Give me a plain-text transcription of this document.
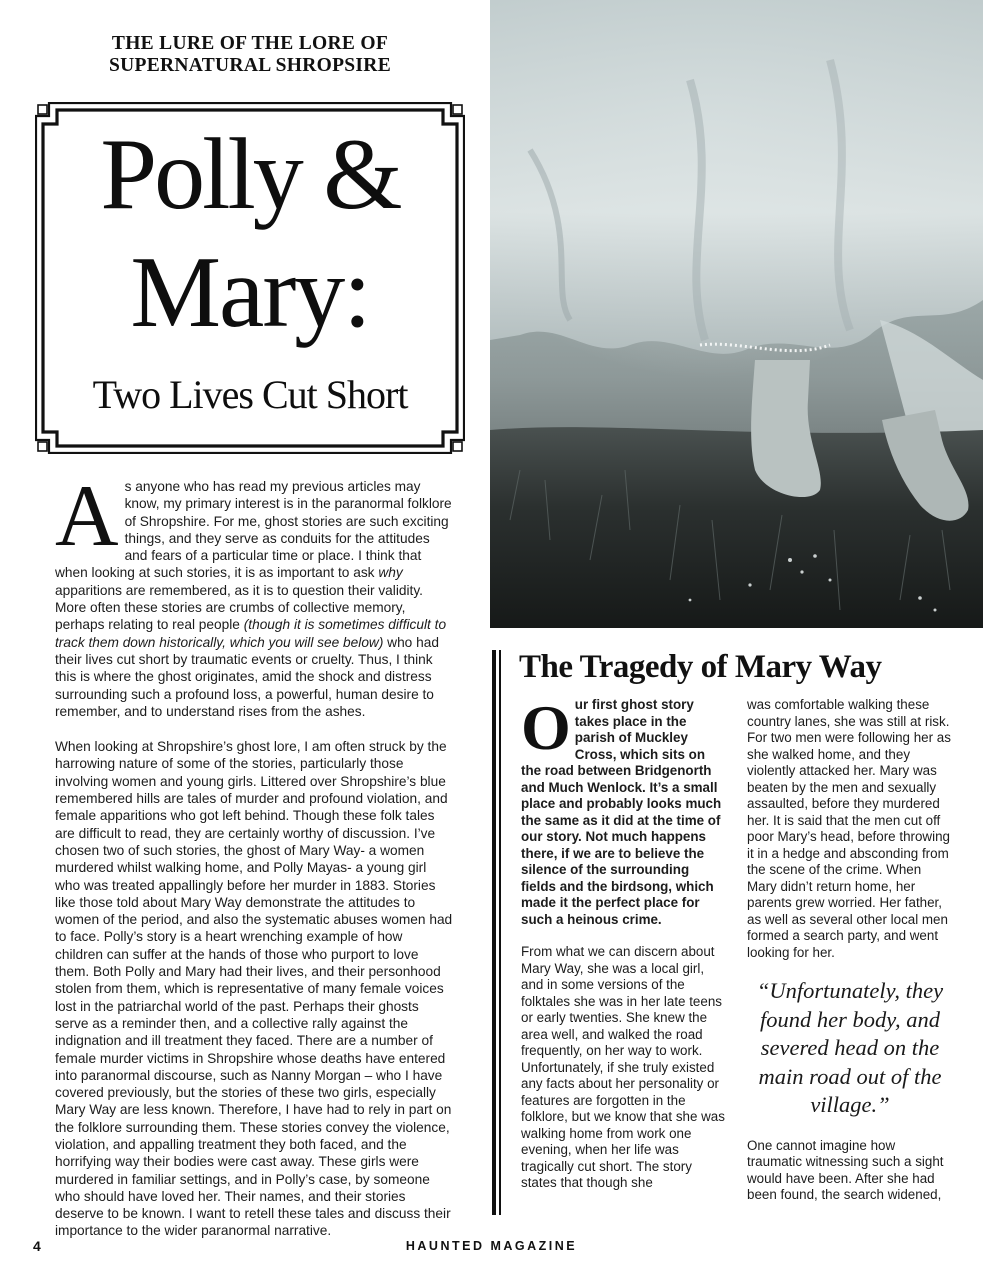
THE LURE OF THE LORE OF
SUPERNATURAL SHROPSIRE
Polly &
Mary:
Two Lives Cut Short

As anyone who has read my previous articles may know, my primary interest is in the paranormal folklore of Shropshire. For me, ghost stories are such exciting things, and they serve as conduits for the attitudes and fears of a particular time or place. I think that when looking at such stories, it is as important to ask why apparitions are remembered, as it is to question their validity. More often these stories are crumbs of collective memory, perhaps relating to real people (though it is sometimes difficult to track them down historically, which you will see below) who had their lives cut short by traumatic events or cruelty. Thus, I think this is where the ghost originates, amid the shock and distress surrounding such a profound loss, a powerful, human desire to remember, and to understand rises from the ashes.

When looking at Shropshire’s ghost lore, I am often struck by the harrowing nature of some of the stories, particularly those involving women and young girls. Littered over Shropshire’s blue remembered hills are tales of murder and profound violation, and female apparitions who got left behind. Though these folk tales are difficult to read, they are certainly worthy of discussion. I’ve chosen two of such stories, the ghost of Mary Way- a women murdered whilst walking home, and Polly Mayas- a young girl who was treated appallingly before her murder in 1883. Stories like those told about Mary Way demonstrate the attitudes to women of the period, and also the systematic abuses women had to face. Polly’s story is a heart wrenching example of how children can suffer at the hands of those who purport to love them. Both Polly and Mary had their lives, and their personhood stolen from them, which is representative of many female voices lost in the patriarchal world of the past. Perhaps their ghosts serve as a reminder then, and a collective rally against the indignation and ill treatment they faced. There are a number of female murder victims in Shropshire whose deaths have entered into paranormal discourse, such as Nanny Morgan – who I have covered previously, but the stories of these two girls, especially Mary Way are less known. Therefore, I have had to rely in part on the folklore surrounding them. These stories convey the violence, violation, and appalling treatment they both faced, and the horrifying way their bodies were cast away. These girls were murdered in familiar settings, and in Polly’s case, by someone who should have loved her. Their names, and their stories deserve to be known. I want to retell these tales and discuss their importance to the wider paranormal narrative.

The Tragedy of Mary Way

Our first ghost story takes place in the parish of Muckley Cross, which sits on the road between Bridgenorth and Much Wenlock. It’s a small place and probably looks much the same as it did at the time of our story. Not much happens there, if we are to believe the silence of the surrounding fields and the birdsong, which made it the perfect place for such a heinous crime.

From what we can discern about Mary Way, she was a local girl, and in some versions of the folktales she was in her late teens or early twenties. She knew the area well, and walked the road frequently, on her way to work. Unfortunately, if she truly existed any facts about her personality or features are forgotten in the folklore, but we know that she was walking home from work one evening, when her life was tragically cut short. The story states that though she

was comfortable walking these country lanes, she was still at risk. For two men were following her as she walked home, and they violently attacked her. Mary was beaten by the men and sexually assaulted, before they murdered her. It is said that the men cut off poor Mary’s head, before throwing it in a hedge and absconding from the scene of the crime. When Mary didn’t return home, her parents grew worried. Her father, as well as several other local men formed a search party, and went looking for her.

“Unfortunately, they found her body, and severed head on the main road out of the village.”

One cannot imagine how traumatic witnessing such a sight would have been. After she had been found, the search widened,

4	HAUNTED MAGAZINE
